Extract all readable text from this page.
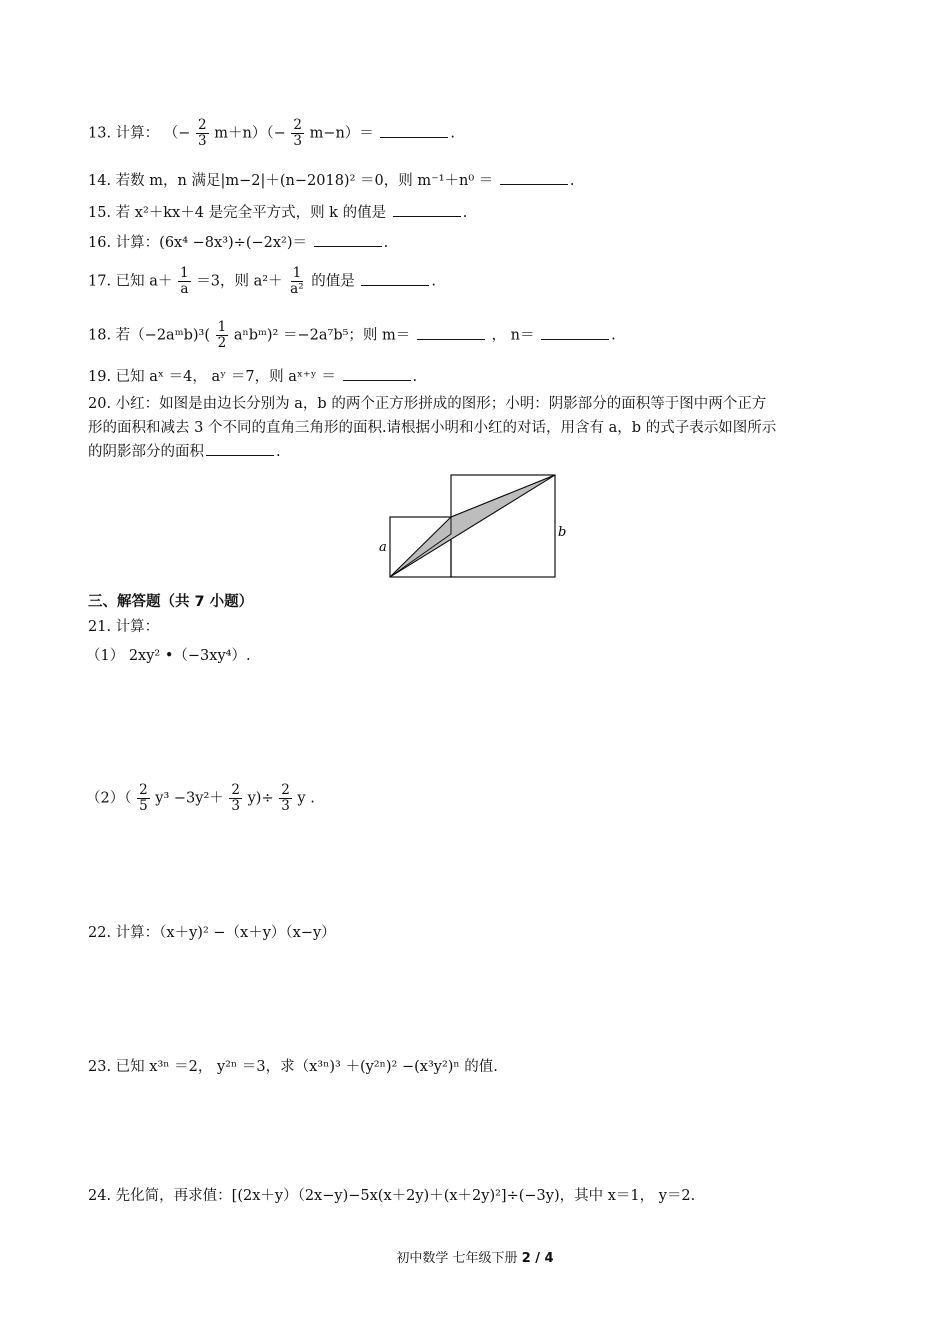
13. 计算： （− $\frac{2}{3} m+n)(- \frac{2}{3} m-n)=$	.
14. 若数 m，n 满足|m−2|＋(n−2018)² ＝0，则 m⁻¹＋n⁰ ＝	.
15. 若 x²＋kx＋4 是完全平方式，则 k 的值是	.
16. 计算：(6x⁴ −8x³)÷(−2x²)＝	.
17. 已知 $a+ \frac{1}{a} =3$，则 $a^2+ \frac{1}{\text{a²}}$ 的值是	.
18. 若（−2aᵐb)³( $\frac{1}{2}$ aⁿbᵐ)² ＝−2a⁷b⁵；则 m＝	， n＝	.
19. 已知 aˣ ＝4， aʸ ＝7，则 aˣ⁺ʸ ＝	.
20. 小红：如图是由边长分别为 a，b 的两个正方形拼成的图形；小明：阴影部分的面积等于图中两个正方
形的面积和减去 3 个不同的直角三角形的面积.请根据小明和小红的对话，用含有 a，b 的式子表示如图所示
的阴影部分的面积	.
a
b
三、解答题（共 7 小题）
21. 计算：
（1） 2xy² •（−3xy⁴）.
$(2)( \frac{2}{5} y^3 -3y^2+ \frac{2}{3} y)\div \frac{2}{3}$ y .
22. 计算：（x＋y)² −（x＋y）（x−y）
23. 已知 x³ⁿ ＝2， y²ⁿ ＝3，求（x³ⁿ)³ ＋(y²ⁿ)² −(x³y²)ⁿ 的值.
24. 先化简，再求值：[(2x＋y）（2x−y)−5x(x＋2y)＋(x＋2y)²]÷(−3y)，其中 x＝1， y＝2.
初中数学 七年级下册 2 / 4
